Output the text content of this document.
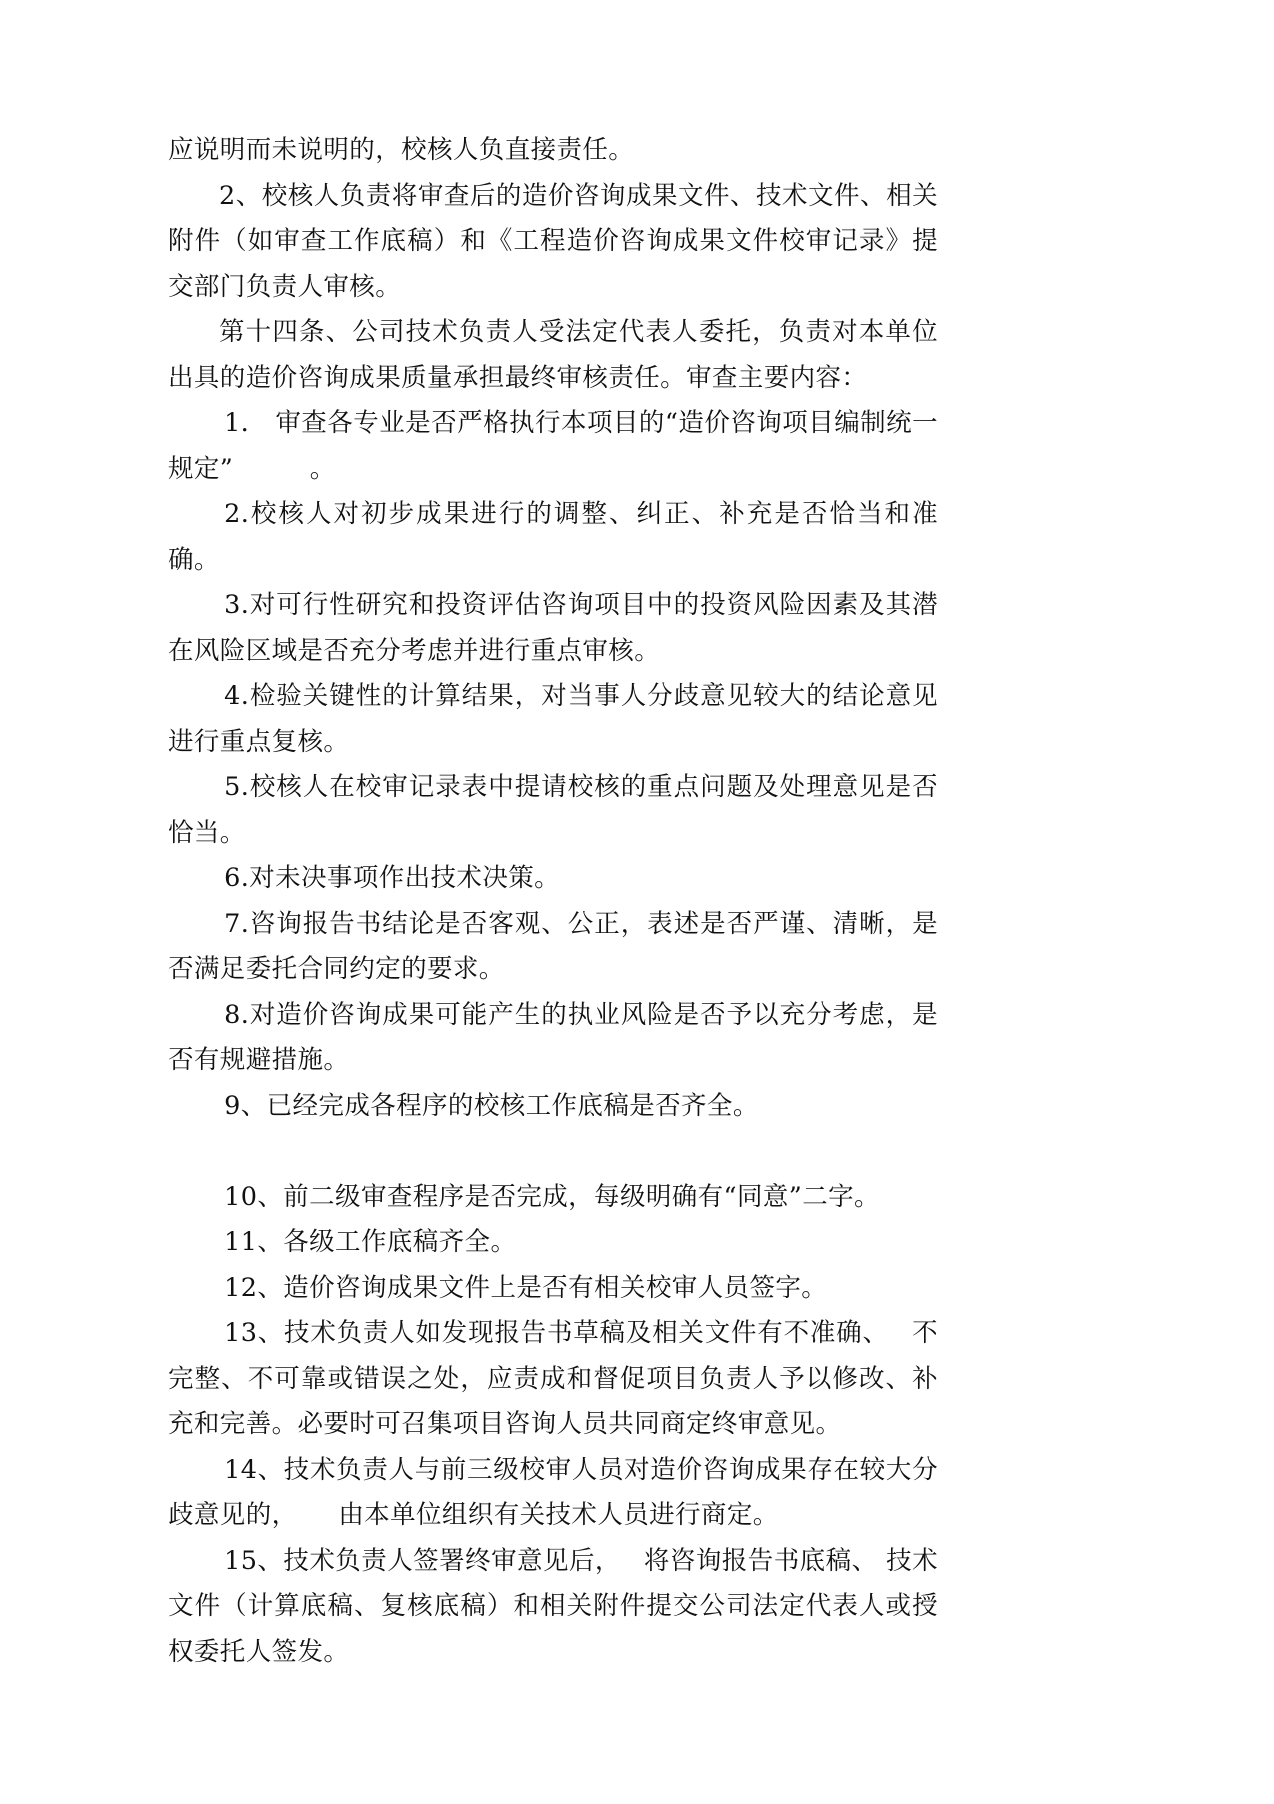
应说明而未说明的，校核人负直接责任。

2、校核人负责将审查后的造价咨询成果文件、技术文件、相关附件（如审查工作底稿）和《工程造价咨询成果文件校审记录》提交部门负责人审核。

第十四条、公司技术负责人受法定代表人委托，负责对本单位出具的造价咨询成果质量承担最终审核责任。审查主要内容：

1． 审查各专业是否严格执行本项目的“造价咨询项目编制统一规定”	。

2.校核人对初步成果进行的调整、纠正、补充是否恰当和准确。

3.对可行性研究和投资评估咨询项目中的投资风险因素及其潜在风险区域是否充分考虑并进行重点审核。

4.检验关键性的计算结果，对当事人分歧意见较大的结论意见进行重点复核。

5.校核人在校审记录表中提请校核的重点问题及处理意见是否恰当。

6.对未决事项作出技术决策。

7.咨询报告书结论是否客观、公正，表述是否严谨、清晰，是否满足委托合同约定的要求。

8.对造价咨询成果可能产生的执业风险是否予以充分考虑，是否有规避措施。

9、已经完成各程序的校核工作底稿是否齐全。

10、前二级审查程序是否完成，每级明确有“同意”二字。

11、各级工作底稿齐全。

12、造价咨询成果文件上是否有相关校审人员签字。

13、技术负责人如发现报告书草稿及相关文件有不准确、 不完整、不可靠或错误之处，应责成和督促项目负责人予以修改、补充和完善。必要时可召集项目咨询人员共同商定终审意见。

14、技术负责人与前三级校审人员对造价咨询成果存在较大分歧意见的， 由本单位组织有关技术人员进行商定。

15、技术负责人签署终审意见后， 将咨询报告书底稿、 技术文件（计算底稿、复核底稿）和相关附件提交公司法定代表人或授权委托人签发。
